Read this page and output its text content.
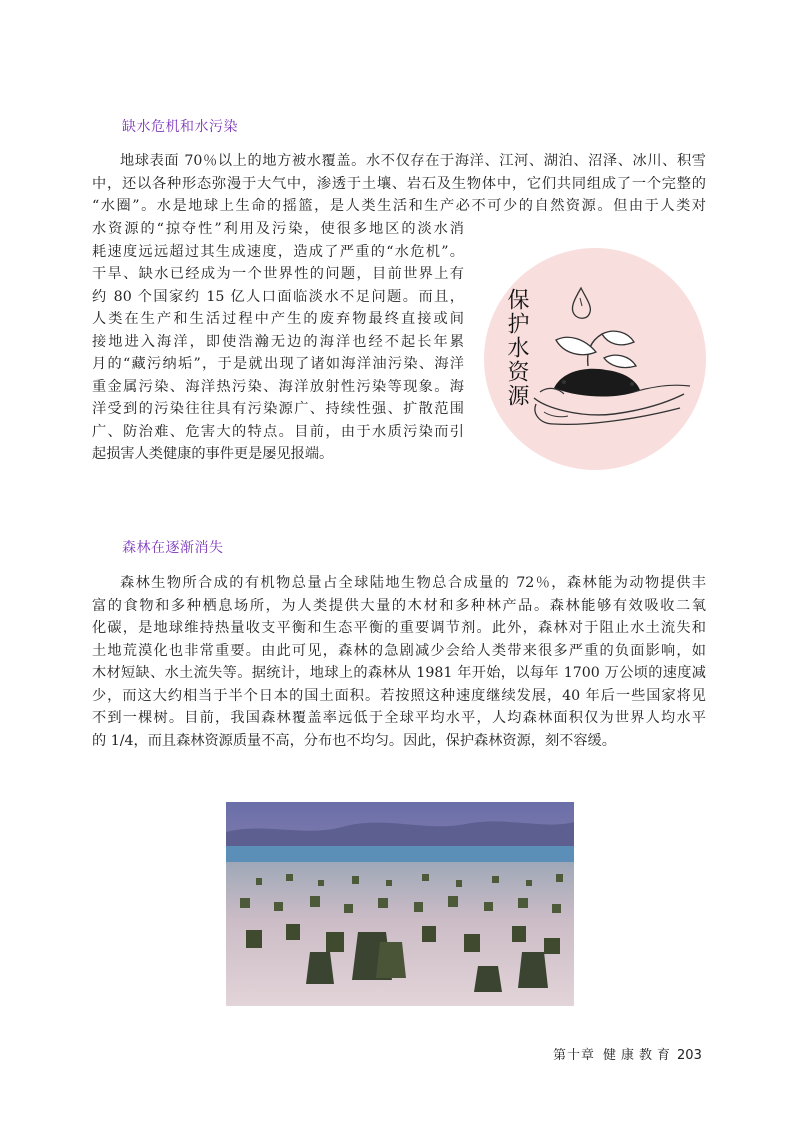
缺水危机和水污染
地球表面 70％以上的地方被水覆盖。水不仅存在于海洋、江河、湖泊、沼泽、冰川、积雪
中，还以各种形态弥漫于大气中，渗透于土壤、岩石及生物体中，它们共同组成了一个完整的
“水圈”。水是地球上生命的摇篮，是人类生活和生产必不可少的自然资源。但由于人类对
水资源的“掠夺性”利用及污染，使很多地区的淡水消
耗速度远远超过其生成速度，造成了严重的“水危机”。
干旱、缺水已经成为一个世界性的问题，目前世界上有
约 80 个国家约 15 亿人口面临淡水不足问题。而且，
人类在生产和生活过程中产生的废弃物最终直接或间
接地进入海洋，即使浩瀚无边的海洋也经不起长年累
月的“藏污纳垢”，于是就出现了诸如海洋油污染、海洋
重金属污染、海洋热污染、海洋放射性污染等现象。海
洋受到的污染往往具有污染源广、持续性强、扩散范围
广、防治难、危害大的特点。目前，由于水质污染而引
起损害人类健康的事件更是屡见报端。
保护水资源
森林在逐渐消失
森林生物所合成的有机物总量占全球陆地生物总合成量的 72％，森林能为动物提供丰
富的食物和多种栖息场所，为人类提供大量的木材和多种林产品。森林能够有效吸收二氧
化碳，是地球维持热量收支平衡和生态平衡的重要调节剂。此外，森林对于阻止水土流失和
土地荒漠化也非常重要。由此可见，森林的急剧减少会给人类带来很多严重的负面影响，如
木材短缺、水土流失等。据统计，地球上的森林从 1981 年开始，以每年 1700 万公顷的速度减
少，而这大约相当于半个日本的国土面积。若按照这种速度继续发展，40 年后一些国家将见
不到一棵树。目前，我国森林覆盖率远低于全球平均水平，人均森林面积仅为世界人均水平
的 1/4，而且森林资源质量不高，分布也不均匀。因此，保护森林资源，刻不容缓。
第十章 健康教育 203
